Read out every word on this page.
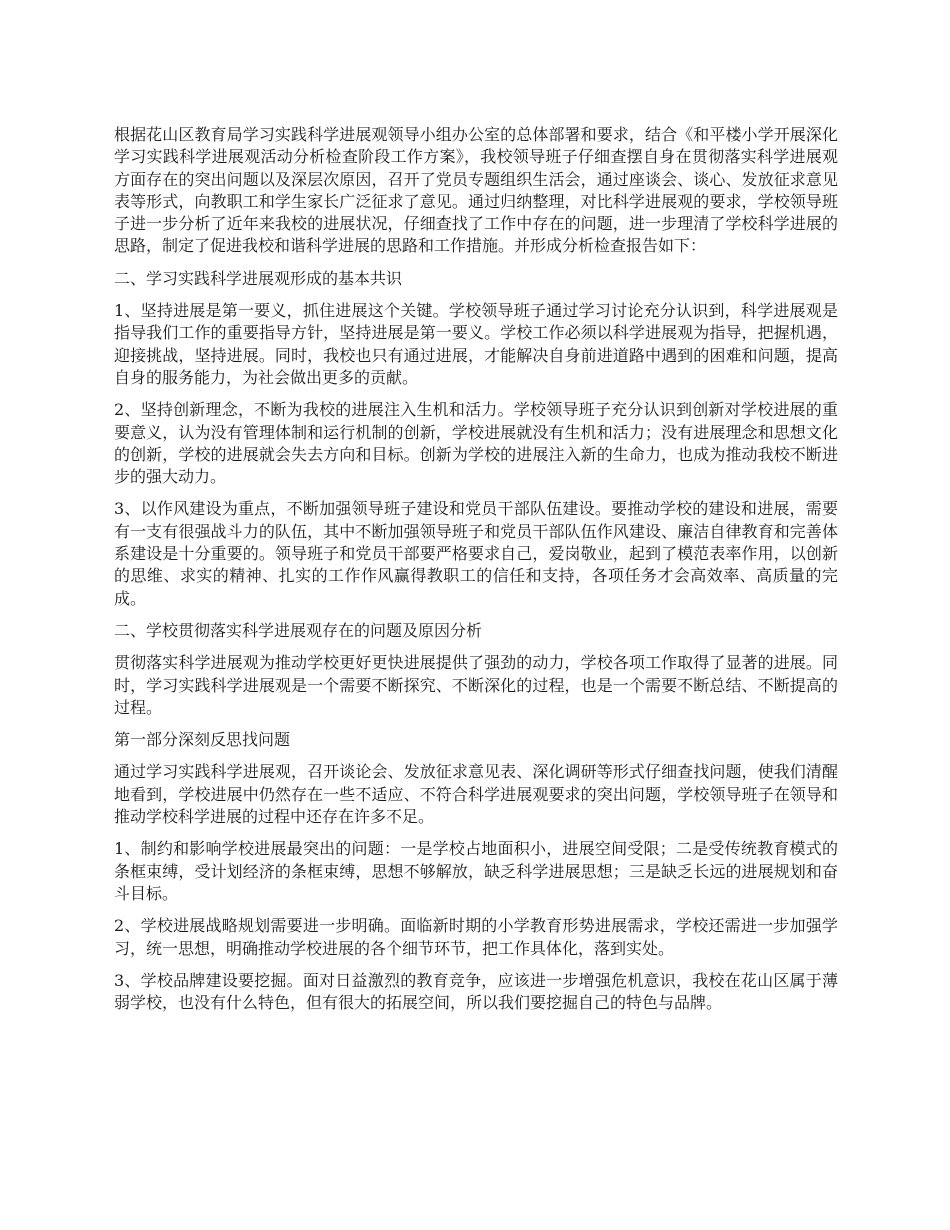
根据花山区教育局学习实践科学进展观领导小组办公室的总体部署和要求，结合《和平楼小学开展深化学习实践科学进展观活动分析检查阶段工作方案》，我校领导班子仔细查摆自身在贯彻落实科学进展观方面存在的突出问题以及深层次原因，召开了党员专题组织生活会，通过座谈会、谈心、发放征求意见表等形式，向教职工和学生家长广泛征求了意见。通过归纳整理，对比科学进展观的要求，学校领导班子进一步分析了近年来我校的进展状况，仔细查找了工作中存在的问题，进一步理清了学校科学进展的思路，制定了促进我校和谐科学进展的思路和工作措施。并形成分析检查报告如下：

二、学习实践科学进展观形成的基本共识

1、坚持进展是第一要义，抓住进展这个关键。学校领导班子通过学习讨论充分认识到，科学进展观是指导我们工作的重要指导方针，坚持进展是第一要义。学校工作必须以科学进展观为指导，把握机遇，迎接挑战，坚持进展。同时，我校也只有通过进展，才能解决自身前进道路中遇到的困难和问题，提高自身的服务能力，为社会做出更多的贡献。

2、坚持创新理念，不断为我校的进展注入生机和活力。学校领导班子充分认识到创新对学校进展的重要意义，认为没有管理体制和运行机制的创新，学校进展就没有生机和活力；没有进展理念和思想文化的创新，学校的进展就会失去方向和目标。创新为学校的进展注入新的生命力，也成为推动我校不断进步的强大动力。

3、以作风建设为重点，不断加强领导班子建设和党员干部队伍建设。要推动学校的建设和进展，需要有一支有很强战斗力的队伍，其中不断加强领导班子和党员干部队伍作风建设、廉洁自律教育和完善体系建设是十分重要的。领导班子和党员干部要严格要求自己，爱岗敬业，起到了模范表率作用，以创新的思维、求实的精神、扎实的工作作风赢得教职工的信任和支持，各项任务才会高效率、高质量的完成。

二、学校贯彻落实科学进展观存在的问题及原因分析

贯彻落实科学进展观为推动学校更好更快进展提供了强劲的动力，学校各项工作取得了显著的进展。同时，学习实践科学进展观是一个需要不断探究、不断深化的过程，也是一个需要不断总结、不断提高的过程。

第一部分深刻反思找问题

通过学习实践科学进展观，召开谈论会、发放征求意见表、深化调研等形式仔细查找问题，使我们清醒地看到，学校进展中仍然存在一些不适应、不符合科学进展观要求的突出问题，学校领导班子在领导和推动学校科学进展的过程中还存在许多不足。

1、制约和影响学校进展最突出的问题：一是学校占地面积小，进展空间受限；二是受传统教育模式的条框束缚，受计划经济的条框束缚，思想不够解放，缺乏科学进展思想；三是缺乏长远的进展规划和奋斗目标。

2、学校进展战略规划需要进一步明确。面临新时期的小学教育形势进展需求，学校还需进一步加强学习，统一思想，明确推动学校进展的各个细节环节，把工作具体化，落到实处。

3、学校品牌建设要挖掘。面对日益激烈的教育竞争，应该进一步增强危机意识，我校在花山区属于薄弱学校，也没有什么特色，但有很大的拓展空间，所以我们要挖掘自己的特色与品牌。
